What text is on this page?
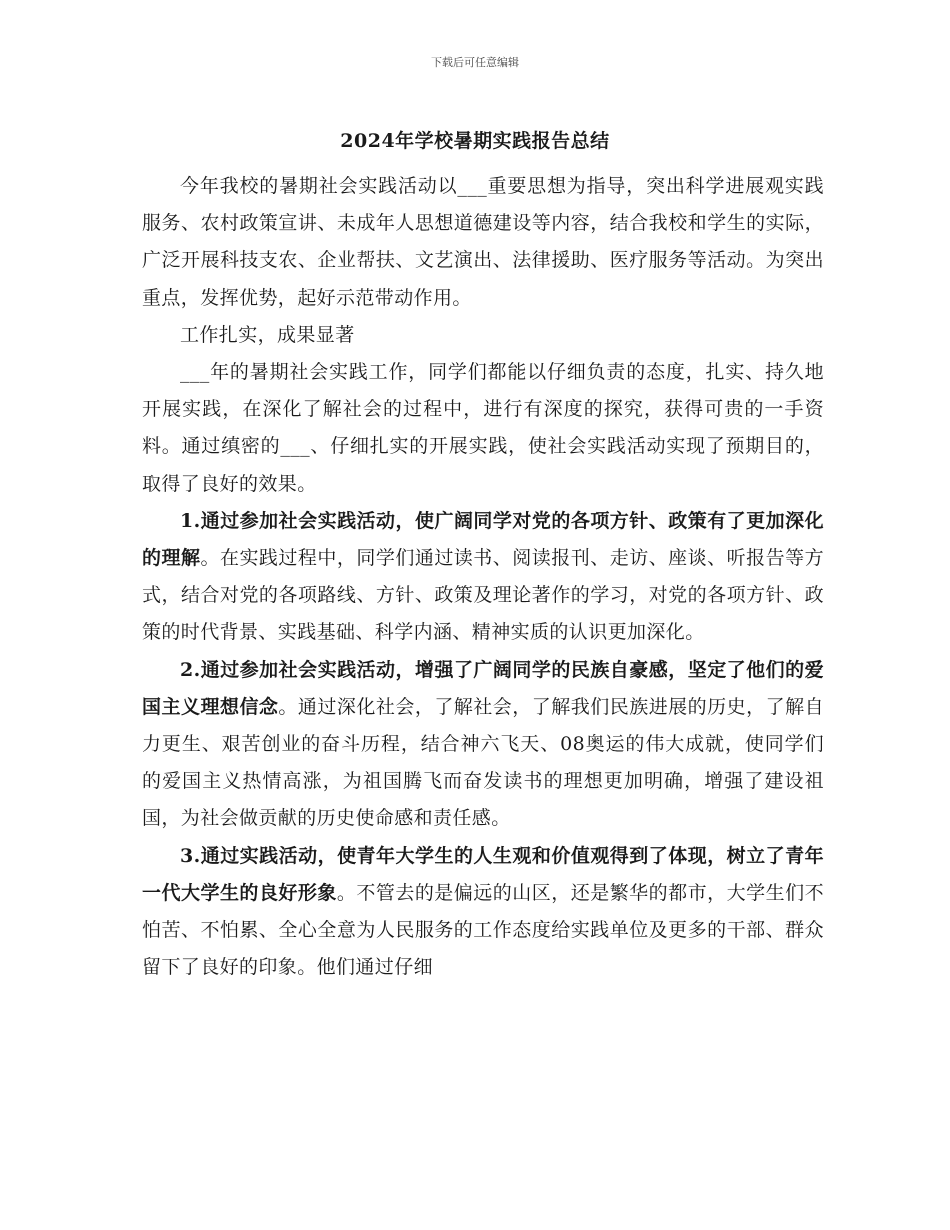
下载后可任意编辑
2024年学校暑期实践报告总结

今年我校的暑期社会实践活动以___重要思想为指导，突出科学进展观实践服务、农村政策宣讲、未成年人思想道德建设等内容，结合我校和学生的实际，广泛开展科技支农、企业帮扶、文艺演出、法律援助、医疗服务等活动。为突出重点，发挥优势，起好示范带动作用。

工作扎实，成果显著

___年的暑期社会实践工作，同学们都能以仔细负责的态度，扎实、持久地开展实践，在深化了解社会的过程中，进行有深度的探究，获得可贵的一手资料。通过缜密的___、仔细扎实的开展实践，使社会实践活动实现了预期目的，取得了良好的效果。

1.通过参加社会实践活动，使广阔同学对党的各项方针、政策有了更加深化的理解。在实践过程中，同学们通过读书、阅读报刊、走访、座谈、听报告等方式，结合对党的各项路线、方针、政策及理论著作的学习，对党的各项方针、政策的时代背景、实践基础、科学内涵、精神实质的认识更加深化。

2.通过参加社会实践活动，增强了广阔同学的民族自豪感，坚定了他们的爱国主义理想信念。通过深化社会，了解社会，了解我们民族进展的历史，了解自力更生、艰苦创业的奋斗历程，结合神六飞天、08奥运的伟大成就，使同学们的爱国主义热情高涨，为祖国腾飞而奋发读书的理想更加明确，增强了建设祖国，为社会做贡献的历史使命感和责任感。

3.通过实践活动，使青年大学生的人生观和价值观得到了体现，树立了青年一代大学生的良好形象。不管去的是偏远的山区，还是繁华的都市，大学生们不怕苦、不怕累、全心全意为人民服务的工作态度给实践单位及更多的干部、群众留下了良好的印象。他们通过仔细
